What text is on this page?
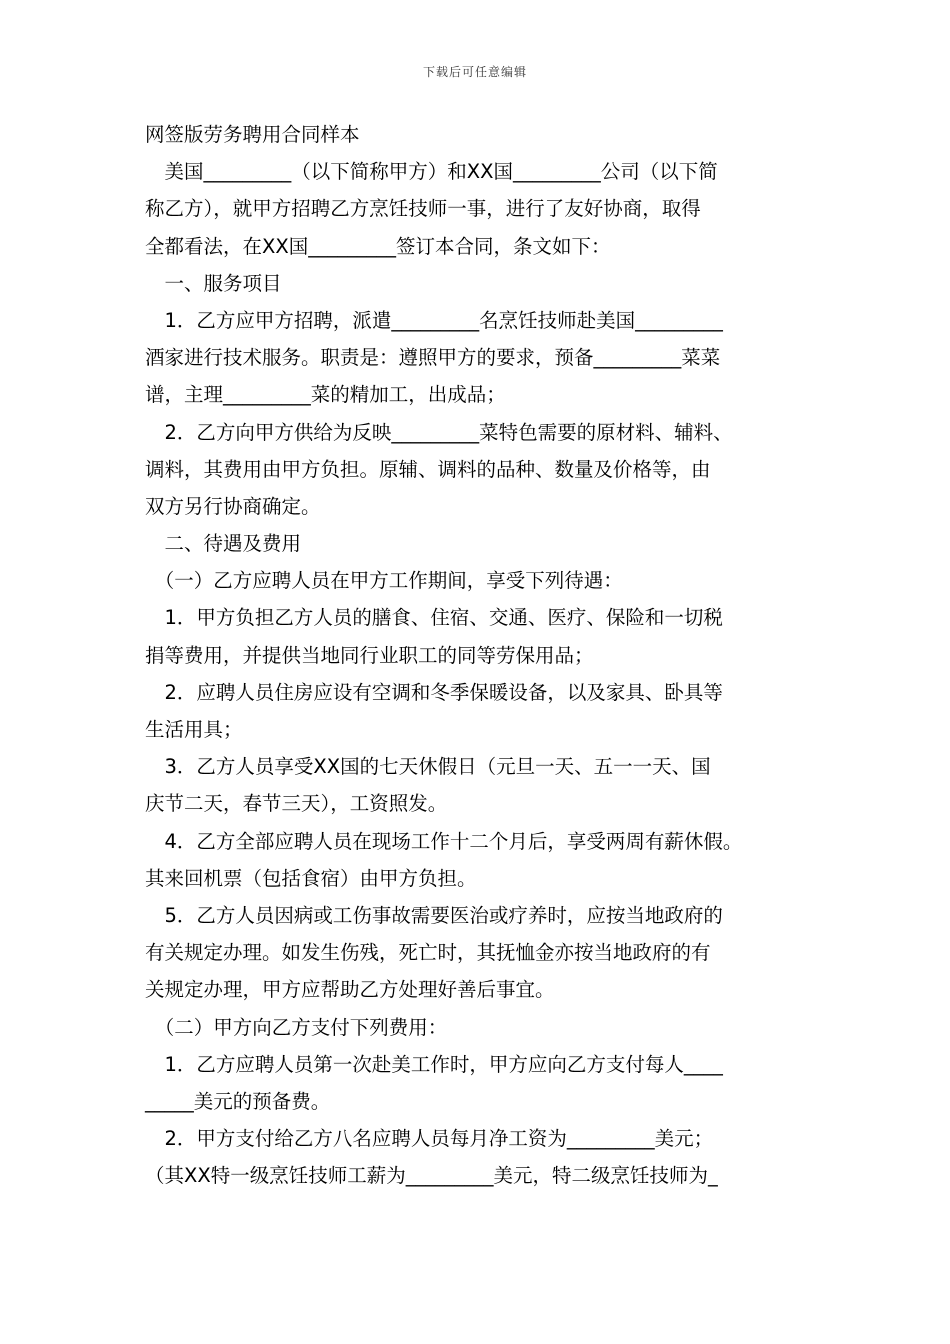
下载后可任意编辑
网签版劳务聘用合同样本
　美国_________（以下简称甲方）和XX国_________公司（以下简
称乙方），就甲方招聘乙方烹饪技师一事，进行了友好协商，取得
全都看法，在XX国_________签订本合同，条文如下：
　一、服务项目
　1．乙方应甲方招聘，派遣_________名烹饪技师赴美国_________
酒家进行技术服务。职责是：遵照甲方的要求，预备_________菜菜
谱，主理_________菜的精加工，出成品；
　2．乙方向甲方供给为反映_________菜特色需要的原材料、辅料、
调料，其费用由甲方负担。原辅、调料的品种、数量及价格等，由
双方另行协商确定。
　二、待遇及费用
　（一）乙方应聘人员在甲方工作期间，享受下列待遇：
　1．甲方负担乙方人员的膳食、住宿、交通、医疗、保险和一切税
捐等费用，并提供当地同行业职工的同等劳保用品；
　2．应聘人员住房应设有空调和冬季保暖设备，以及家具、卧具等
生活用具；
　3．乙方人员享受XX国的七天休假日（元旦一天、五一一天、国
庆节二天，春节三天），工资照发。
　4．乙方全部应聘人员在现场工作十二个月后，享受两周有薪休假。
其来回机票（包括食宿）由甲方负担。
　5．乙方人员因病或工伤事故需要医治或疗养时，应按当地政府的
有关规定办理。如发生伤残，死亡时，其抚恤金亦按当地政府的有
关规定办理，甲方应帮助乙方处理好善后事宜。
　（二）甲方向乙方支付下列费用：
　1．乙方应聘人员第一次赴美工作时，甲方应向乙方支付每人____
_____美元的预备费。
　2．甲方支付给乙方八名应聘人员每月净工资为_________美元；
（其XX特一级烹饪技师工薪为_________美元，特二级烹饪技师为_
